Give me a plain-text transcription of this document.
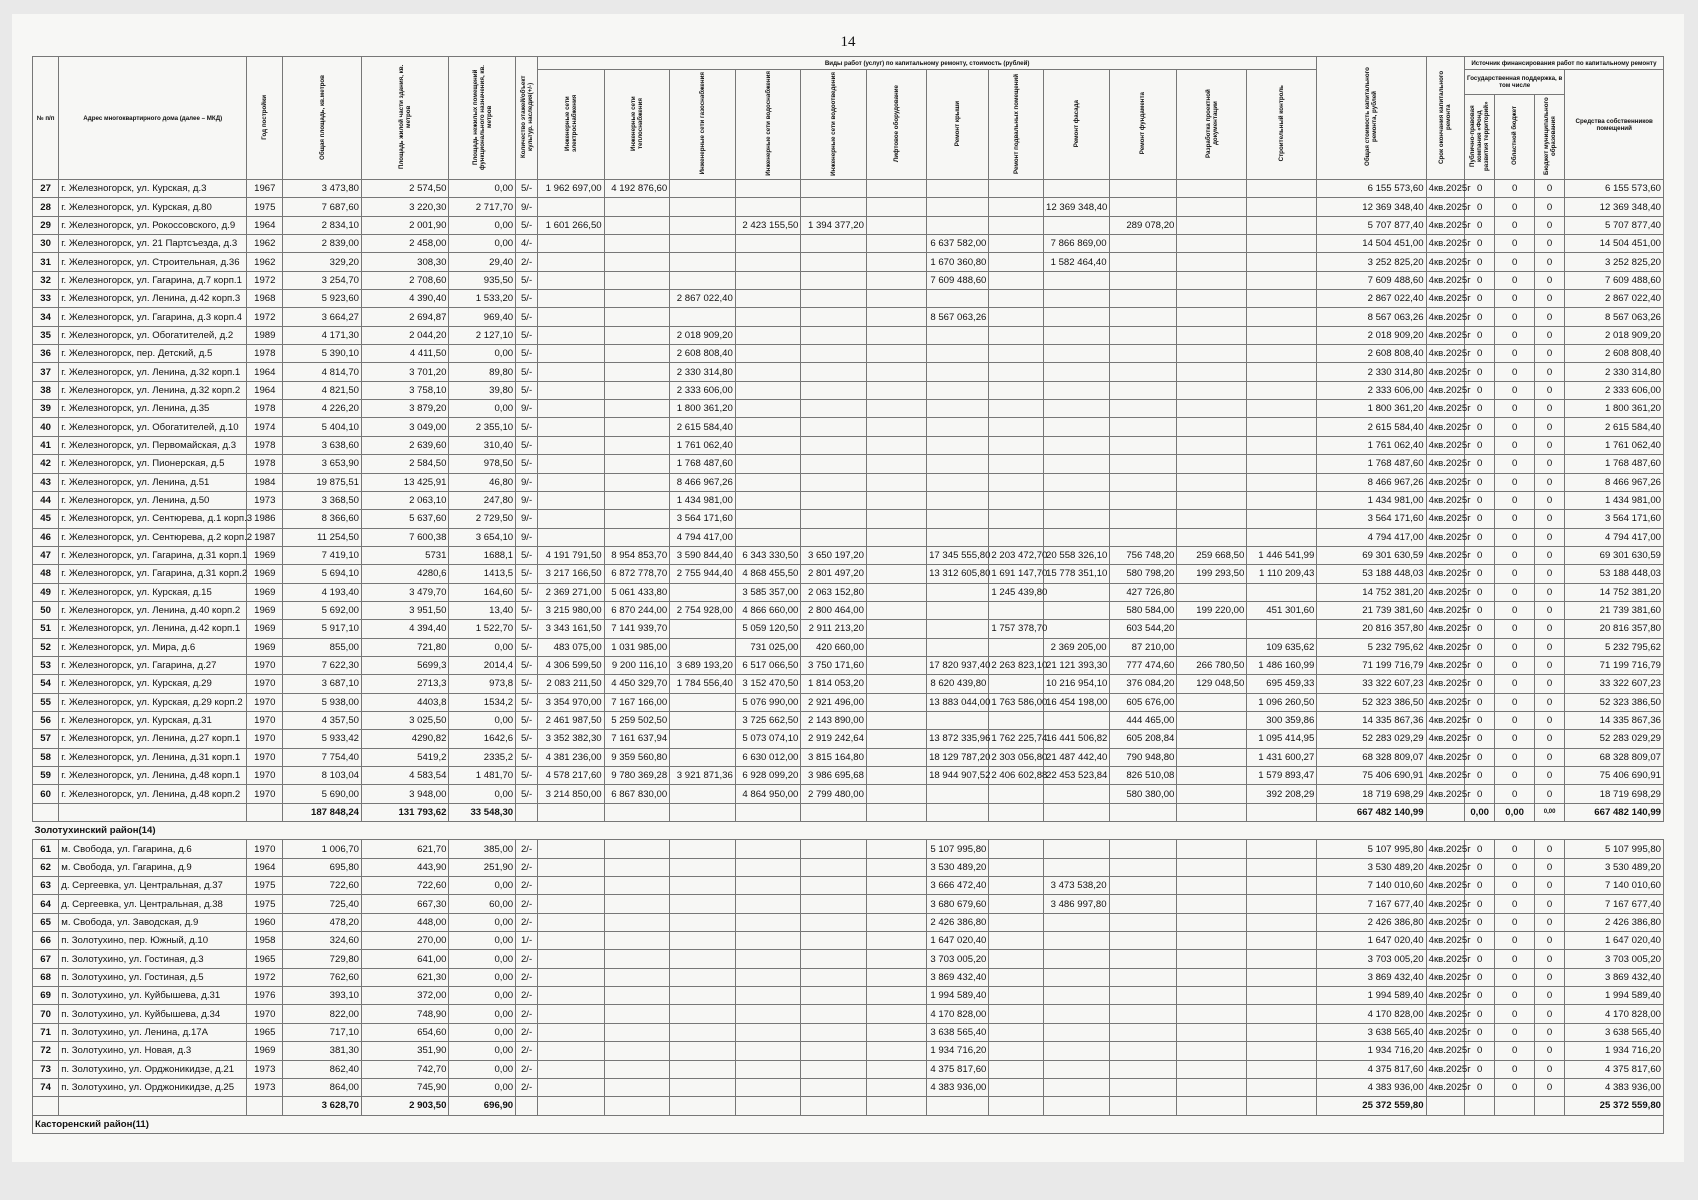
14
№ п/п	Адрес многоквартирного дома (далее – МКД)	Год постройки	Общая площадь, кв.метров	Площадь жилой части здания, кв. метров	Площадь нежилых помещений функционального назначения, кв. метров	Количество этажей/объект культур. наследия(+/-)	Виды работ (услуг) по капитальному ремонту, стоимость (рублей)												Общая стоимость капитального ремонта, рублей	Срок окончания капитального ремонта	Источник финансирования работ по капитальному ремонту			
							Инженерные сети электроснабжения	Инженерные сети теплоснабжения	Инженерные сети газоснабжения	Инженерные сети водоснабжения	Инженерные сети водоотведения	Лифтовое оборудование	Ремонт крыши	Ремонт подвальных помещений	Ремонт фасада	Ремонт фундамента	Разработка проектной документации	Строительный контроль			Государственная поддержка, в том числе			Средства собственников помещений
																					Публично-правовая компания «Фонд развития территорий»	Областной бюджет	Бюджет муниципального образования	
27	г. Железногорск, ул. Курская, д.3	1967	3 473,80	2 574,50	0,00	5/-	1 962 697,00	4 192 876,60											6 155 573,60	4кв.2025г	0	0	0	6 155 573,60
28	г. Железногорск, ул. Курская, д.80	1975	7 687,60	3 220,30	2 717,70	9/-									12 369 348,40				12 369 348,40	4кв.2025г	0	0	0	12 369 348,40
29	г. Железногорск, ул. Рокоссовского, д.9	1964	2 834,10	2 001,90	0,00	5/-	1 601 266,50			2 423 155,50	1 394 377,20					289 078,20			5 707 877,40	4кв.2025г	0	0	0	5 707 877,40
30	г. Железногорск, ул. 21 Партсъезда, д.3	1962	2 839,00	2 458,00	0,00	4/-							6 637 582,00		7 866 869,00				14 504 451,00	4кв.2025г	0	0	0	14 504 451,00
31	г. Железногорск, ул. Строительная, д.36	1962	329,20	308,30	29,40	2/-							1 670 360,80		1 582 464,40				3 252 825,20	4кв.2025г	0	0	0	3 252 825,20
32	г. Железногорск, ул. Гагарина, д.7 корп.1	1972	3 254,70	2 708,60	935,50	5/-							7 609 488,60						7 609 488,60	4кв.2025г	0	0	0	7 609 488,60
33	г. Железногорск, ул. Ленина, д.42 корп.3	1968	5 923,60	4 390,40	1 533,20	5/-			2 867 022,40										2 867 022,40	4кв.2025г	0	0	0	2 867 022,40
34	г. Железногорск, ул. Гагарина, д.3 корп.4	1972	3 664,27	2 694,87	969,40	5/-							8 567 063,26						8 567 063,26	4кв.2025г	0	0	0	8 567 063,26
35	г. Железногорск, ул. Обогатителей, д.2	1989	4 171,30	2 044,20	2 127,10	5/-			2 018 909,20										2 018 909,20	4кв.2025г	0	0	0	2 018 909,20
36	г. Железногорск, пер. Детский, д.5	1978	5 390,10	4 411,50	0,00	5/-			2 608 808,40										2 608 808,40	4кв.2025г	0	0	0	2 608 808,40
37	г. Железногорск, ул. Ленина, д.32 корп.1	1964	4 814,70	3 701,20	89,80	5/-			2 330 314,80										2 330 314,80	4кв.2025г	0	0	0	2 330 314,80
38	г. Железногорск, ул. Ленина, д.32 корп.2	1964	4 821,50	3 758,10	39,80	5/-			2 333 606,00										2 333 606,00	4кв.2025г	0	0	0	2 333 606,00
39	г. Железногорск, ул. Ленина, д.35	1978	4 226,20	3 879,20	0,00	9/-			1 800 361,20										1 800 361,20	4кв.2025г	0	0	0	1 800 361,20
40	г. Железногорск, ул. Обогатителей, д.10	1974	5 404,10	3 049,00	2 355,10	5/-			2 615 584,40										2 615 584,40	4кв.2025г	0	0	0	2 615 584,40
41	г. Железногорск, ул. Первомайская, д.3	1978	3 638,60	2 639,60	310,40	5/-			1 761 062,40										1 761 062,40	4кв.2025г	0	0	0	1 761 062,40
42	г. Железногорск, ул. Пионерская, д.5	1978	3 653,90	2 584,50	978,50	5/-			1 768 487,60										1 768 487,60	4кв.2025г	0	0	0	1 768 487,60
43	г. Железногорск, ул. Ленина, д.51	1984	19 875,51	13 425,91	46,80	9/-			8 466 967,26										8 466 967,26	4кв.2025г	0	0	0	8 466 967,26
44	г. Железногорск, ул. Ленина, д.50	1973	3 368,50	2 063,10	247,80	9/-			1 434 981,00										1 434 981,00	4кв.2025г	0	0	0	1 434 981,00
45	г. Железногорск, ул. Сентюрева, д.1 корп.3	1986	8 366,60	5 637,60	2 729,50	9/-			3 564 171,60										3 564 171,60	4кв.2025г	0	0	0	3 564 171,60
46	г. Железногорск, ул. Сентюрева, д.2 корп.2	1987	11 254,50	7 600,38	3 654,10	9/-			4 794 417,00										4 794 417,00	4кв.2025г	0	0	0	4 794 417,00
47	г. Железногорск, ул. Гагарина, д.31 корп.1	1969	7 419,10	5731	1688,1	5/-	4 191 791,50	8 954 853,70	3 590 844,40	6 343 330,50	3 650 197,20		17 345 555,80	2 203 472,70	20 558 326,10	756 748,20	259 668,50	1 446 541,99	69 301 630,59	4кв.2025г	0	0	0	69 301 630,59
48	г. Железногорск, ул. Гагарина, д.31 корп.2	1969	5 694,10	4280,6	1413,5	5/-	3 217 166,50	6 872 778,70	2 755 944,40	4 868 455,50	2 801 497,20		13 312 605,80	1 691 147,70	15 778 351,10	580 798,20	199 293,50	1 110 209,43	53 188 448,03	4кв.2025г	0	0	0	53 188 448,03
49	г. Железногорск, ул. Курская, д.15	1969	4 193,40	3 479,70	164,60	5/-	2 369 271,00	5 061 433,80		3 585 357,00	2 063 152,80			1 245 439,80		427 726,80			14 752 381,20	4кв.2025г	0	0	0	14 752 381,20
50	г. Железногорск, ул. Ленина, д.40 корп.2	1969	5 692,00	3 951,50	13,40	5/-	3 215 980,00	6 870 244,00	2 754 928,00	4 866 660,00	2 800 464,00					580 584,00	199 220,00	451 301,60	21 739 381,60	4кв.2025г	0	0	0	21 739 381,60
51	г. Железногорск, ул. Ленина, д.42 корп.1	1969	5 917,10	4 394,40	1 522,70	5/-	3 343 161,50	7 141 939,70		5 059 120,50	2 911 213,20			1 757 378,70		603 544,20			20 816 357,80	4кв.2025г	0	0	0	20 816 357,80
52	г. Железногорск, ул. Мира, д.6	1969	855,00	721,80	0,00	5/-	483 075,00	1 031 985,00		731 025,00	420 660,00				2 369 205,00	87 210,00		109 635,62	5 232 795,62	4кв.2025г	0	0	0	5 232 795,62
53	г. Железногорск, ул. Гагарина, д.27	1970	7 622,30	5699,3	2014,4	5/-	4 306 599,50	9 200 116,10	3 689 193,20	6 517 066,50	3 750 171,60		17 820 937,40	2 263 823,10	21 121 393,30	777 474,60	266 780,50	1 486 160,99	71 199 716,79	4кв.2025г	0	0	0	71 199 716,79
54	г. Железногорск, ул. Курская, д.29	1970	3 687,10	2713,3	973,8	5/-	2 083 211,50	4 450 329,70	1 784 556,40	3 152 470,50	1 814 053,20		8 620 439,80		10 216 954,10	376 084,20	129 048,50	695 459,33	33 322 607,23	4кв.2025г	0	0	0	33 322 607,23
55	г. Железногорск, ул. Курская, д.29 корп.2	1970	5 938,00	4403,8	1534,2	5/-	3 354 970,00	7 167 166,00		5 076 990,00	2 921 496,00		13 883 044,00	1 763 586,00	16 454 198,00	605 676,00		1 096 260,50	52 323 386,50	4кв.2025г	0	0	0	52 323 386,50
56	г. Железногорск, ул. Курская, д.31	1970	4 357,50	3 025,50	0,00	5/-	2 461 987,50	5 259 502,50		3 725 662,50	2 143 890,00					444 465,00		300 359,86	14 335 867,36	4кв.2025г	0	0	0	14 335 867,36
57	г. Железногорск, ул. Ленина, д.27 корп.1	1970	5 933,42	4290,82	1642,6	5/-	3 352 382,30	7 161 637,94		5 073 074,10	2 919 242,64		13 872 335,96	1 762 225,74	16 441 506,82	605 208,84		1 095 414,95	52 283 029,29	4кв.2025г	0	0	0	52 283 029,29
58	г. Железногорск, ул. Ленина, д.31 корп.1	1970	7 754,40	5419,2	2335,2	5/-	4 381 236,00	9 359 560,80		6 630 012,00	3 815 164,80		18 129 787,20	2 303 056,80	21 487 442,40	790 948,80		1 431 600,27	68 328 809,07	4кв.2025г	0	0	0	68 328 809,07
59	г. Железногорск, ул. Ленина, д.48 корп.1	1970	8 103,04	4 583,54	1 481,70	5/-	4 578 217,60	9 780 369,28	3 921 871,36	6 928 099,20	3 986 695,68		18 944 907,52	2 406 602,88	22 453 523,84	826 510,08		1 579 893,47	75 406 690,91	4кв.2025г	0	0	0	75 406 690,91
60	г. Железногорск, ул. Ленина, д.48 корп.2	1970	5 690,00	3 948,00	0,00	5/-	3 214 850,00	6 867 830,00		4 864 950,00	2 799 480,00					580 380,00		392 208,29	18 719 698,29	4кв.2025г	0	0	0	18 719 698,29
			187 848,24	131 793,62	33 548,30														667 482 140,99		0,00	0,00	0,00	667 482 140,99
Золотухинский район(14)																								
61	м. Свобода, ул. Гагарина, д.6	1970	1 006,70	621,70	385,00	2/-							5 107 995,80						5 107 995,80	4кв.2025г	0	0	0	5 107 995,80
62	м. Свобода, ул. Гагарина, д.9	1964	695,80	443,90	251,90	2/-							3 530 489,20						3 530 489,20	4кв.2025г	0	0	0	3 530 489,20
63	д. Сергеевка, ул. Центральная, д.37	1975	722,60	722,60	0,00	2/-							3 666 472,40		3 473 538,20				7 140 010,60	4кв.2025г	0	0	0	7 140 010,60
64	д. Сергеевка, ул. Центральная, д.38	1975	725,40	667,30	60,00	2/-							3 680 679,60		3 486 997,80				7 167 677,40	4кв.2025г	0	0	0	7 167 677,40
65	м. Свобода, ул. Заводская, д.9	1960	478,20	448,00	0,00	2/-							2 426 386,80						2 426 386,80	4кв.2025г	0	0	0	2 426 386,80
66	п. Золотухино, пер. Южный, д.10	1958	324,60	270,00	0,00	1/-							1 647 020,40						1 647 020,40	4кв.2025г	0	0	0	1 647 020,40
67	п. Золотухино, ул. Гостиная, д.3	1965	729,80	641,00	0,00	2/-							3 703 005,20						3 703 005,20	4кв.2025г	0	0	0	3 703 005,20
68	п. Золотухино, ул. Гостиная, д.5	1972	762,60	621,30	0,00	2/-							3 869 432,40						3 869 432,40	4кв.2025г	0	0	0	3 869 432,40
69	п. Золотухино, ул. Куйбышева, д.31	1976	393,10	372,00	0,00	2/-							1 994 589,40						1 994 589,40	4кв.2025г	0	0	0	1 994 589,40
70	п. Золотухино, ул. Куйбышева, д.34	1970	822,00	748,90	0,00	2/-							4 170 828,00						4 170 828,00	4кв.2025г	0	0	0	4 170 828,00
71	п. Золотухино, ул. Ленина, д.17А	1965	717,10	654,60	0,00	2/-							3 638 565,40						3 638 565,40	4кв.2025г	0	0	0	3 638 565,40
72	п. Золотухино, ул. Новая, д.3	1969	381,30	351,90	0,00	2/-							1 934 716,20						1 934 716,20	4кв.2025г	0	0	0	1 934 716,20
73	п. Золотухино, ул. Орджоникидзе, д.21	1973	862,40	742,70	0,00	2/-							4 375 817,60						4 375 817,60	4кв.2025г	0	0	0	4 375 817,60
74	п. Золотухино, ул. Орджоникидзе, д.25	1973	864,00	745,90	0,00	2/-							4 383 936,00						4 383 936,00	4кв.2025г	0	0	0	4 383 936,00
			3 628,70	2 903,50	696,90														25 372 559,80					25 372 559,80
Касторенский район(11)																								
